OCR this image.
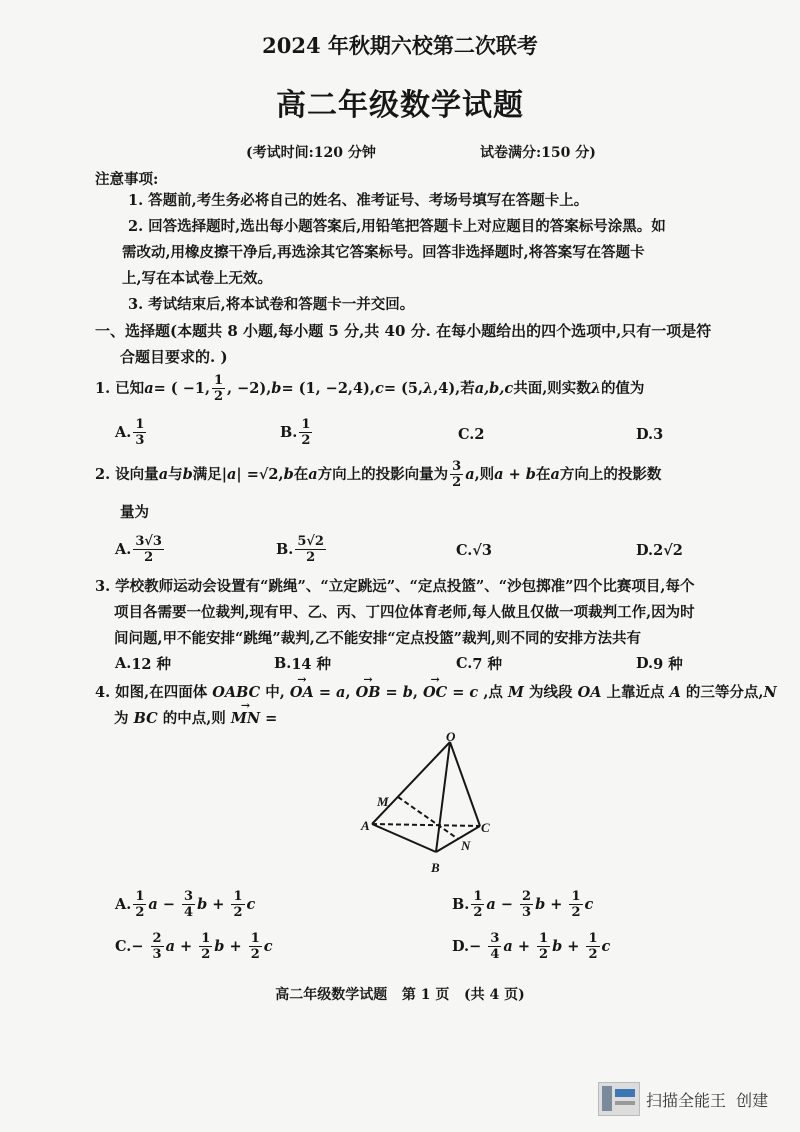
2024 年秋期六校第二次联考
高二年级数学试题
(考试时间:120 分钟	试卷满分:150 分)
注意事项:
1. 答题前,考生务必将自己的姓名、准考证号、考场号填写在答题卡上。
2. 回答选择题时,选出每小题答案后,用铅笔把答题卡上对应题目的答案标号涂黑。如
需改动,用橡皮擦干净后,再选涂其它答案标号。回答非选择题时,将答案写在答题卡
上,写在本试卷上无效。
3. 考试结束后,将本试卷和答题卡一并交回。
一、选择题(本题共 8 小题,每小题 5 分,共 40 分. 在每小题给出的四个选项中,只有一项是符
合题目要求的. )
1. 已知 a = ( −1, $\frac{1}{2}$ , −2), b = (1, −2,4), c = (5, λ ,4),若 a,b,c 共面,则实数 λ 的值为
A. $\frac{1}{3}$	B. $\frac{1}{2}$	C. 2	D. 3
2. 设向量 a 与 b 满足| a | = √2 , b 在 a 方向上的投影向量为 $\frac{3}{2}$ a ,则 a + b 在 a 方向上的投影数
量为
A. $\frac{3√3}{2}$	B. $\frac{5√2}{2}$	C. √3	D. 2√2
3. 学校教师运动会设置有“跳绳”、“立定跳远”、“定点投篮”、“沙包掷准”四个比赛项目,每个
项目各需要一位裁判,现有甲、乙、丙、丁四位体育老师,每人做且仅做一项裁判工作,因为时
间问题,甲不能安排“跳绳”裁判,乙不能安排“定点投篮”裁判,则不同的安排方法共有
A. 12 种	B. 14 种	C. 7 种	D. 9 种
4. 如图,在四面体 OABC 中, → OA = a, → OB = b, → OC = c ,点 M 为线段 OA 上靠近点 A 的三等分点,N
为 BC 的中点,则 → MN =
O
M
A	C
N
B
A. $\frac{1}{2}$ $a - \frac{3}{4}$ $b + \frac{1}{2}$ c	B. $\frac{1}{2}$ $a - \frac{2}{3}$ $b + \frac{1}{2}$ c
C. − $\frac{2}{3}$ $a + \frac{1}{2}$ $b + \frac{1}{2}$ c	D. − $\frac{3}{4}$ $a + \frac{1}{2}$ $b + \frac{1}{2}$ c
高二年级数学试题   第 1 页   (共 4 页)
扫描全能王  创建
